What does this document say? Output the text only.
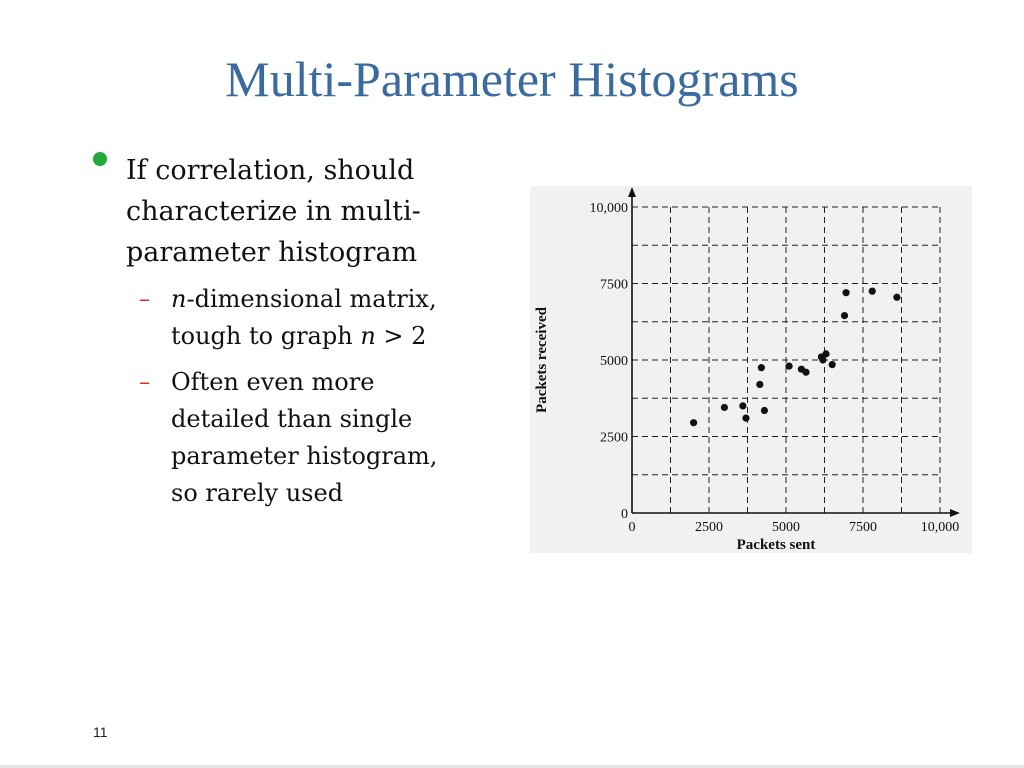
Multi-Parameter Histograms
If correlation, should
characterize in multi-
parameter histogram
– n-dimensional matrix,
tough to graph n > 2
– Often even more
detailed than single
parameter histogram,
so rarely used
0	2500	5000	7500	10,000
0
2500
5000
7500
10,000
Packets sent
Packets received
11
